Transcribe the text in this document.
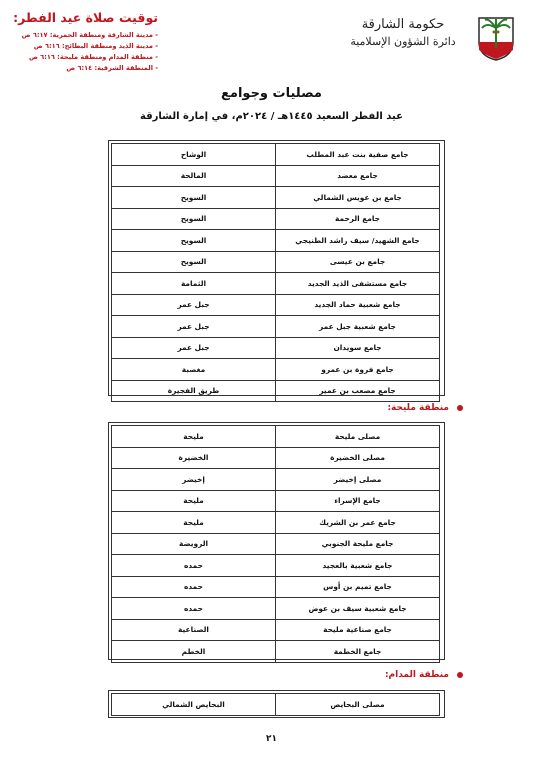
توقيت صلاة عيد الفطر:
- مدينة الشارقة ومنطقة الحمرية: ٦:١٧ ص
- مدينة الذيد ومنطقة البطائح: ٦:١٦ ص
- منطقة المدام ومنطقة مليحة: ٦:١٦ ص
- المنطقة الشرقية: ٦:١٤ ص
حكومة الشارقة
دائرة الشؤون الإسلامية
مصليات وجوامع
عيد الفطر السعيد ١٤٤٥هـ / ٢٠٢٤م، في إمارة الشارقة
جامع صفية بنت عبد المطلب	الوشاح
جامع معضد	المالحة
جامع بن عويس الشمالي	السويح
جامع الرحمة	السويح
جامع الشهيد/ سيف راشد الطنيجي	السويح
جامع بن عيسى	السويح
جامع مستشفى الذيد الجديد	الثمامة
جامع شعبية حماد الجديد	جبل عمر
جامع شعبية جبل عمر	جبل عمر
جامع سويدان	جبل عمر
جامع فروة بن عمرو	مغصبة
جامع مصعب بن عمير	طريق الفجيرة
منطقة مليحة:
مصلى مليحة	مليحة
مصلى الخضيرة	الخضيرة
مصلى إخيضر	إخيضر
جامع الإسراء	مليحة
جامع عمر بن الشريك	مليحة
جامع مليحة الجنوبي	الرويضة
جامع شعبية بالعجيد	حمده
جامع تميم بن أوس	حمده
جامع شعبية سيف بن عوض	حمده
جامع صناعية مليحة	الصناعية
جامع الخطمة	الخطم
منطقة المدام:
مصلى البحايص	البحايص الشمالي
٢١
